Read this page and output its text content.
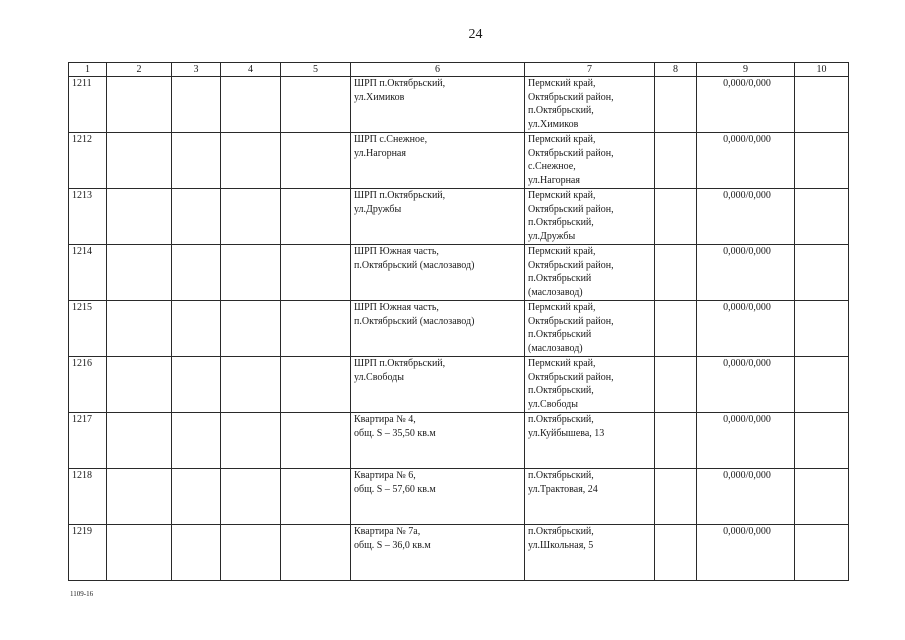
24
1	2	3	4	5	6	7	8	9	10
1211					ШРП п.Октябрьский,
ул.Химиков	Пермский край,
Октябрьский район,
п.Октябрьский,
ул.Химиков		0,000/0,000	
1212					ШРП с.Снежное,
ул.Нагорная	Пермский край,
Октябрьский район,
с.Снежное,
ул.Нагорная		0,000/0,000	
1213					ШРП п.Октябрьский,
ул.Дружбы	Пермский край,
Октябрьский район,
п.Октябрьский,
ул.Дружбы		0,000/0,000	
1214					ШРП Южная часть,
п.Октябрьский (маслозавод)	Пермский край,
Октябрьский район,
п.Октябрьский
(маслозавод)		0,000/0,000	
1215					ШРП Южная часть,
п.Октябрьский (маслозавод)	Пермский край,
Октябрьский район,
п.Октябрьский
(маслозавод)		0,000/0,000	
1216					ШРП п.Октябрьский,
ул.Свободы	Пермский край,
Октябрьский район,
п.Октябрьский,
ул.Свободы		0,000/0,000	
1217					Квартира № 4,
общ. S – 35,50 кв.м	п.Октябрьский,
ул.Куйбышева, 13		0,000/0,000	
1218					Квартира № 6,
общ. S – 57,60 кв.м	п.Октябрьский,
ул.Трактовая, 24		0,000/0,000	
1219					Квартира № 7а,
общ. S – 36,0 кв.м	п.Октябрьский,
ул.Школьная, 5		0,000/0,000	
1109-16
